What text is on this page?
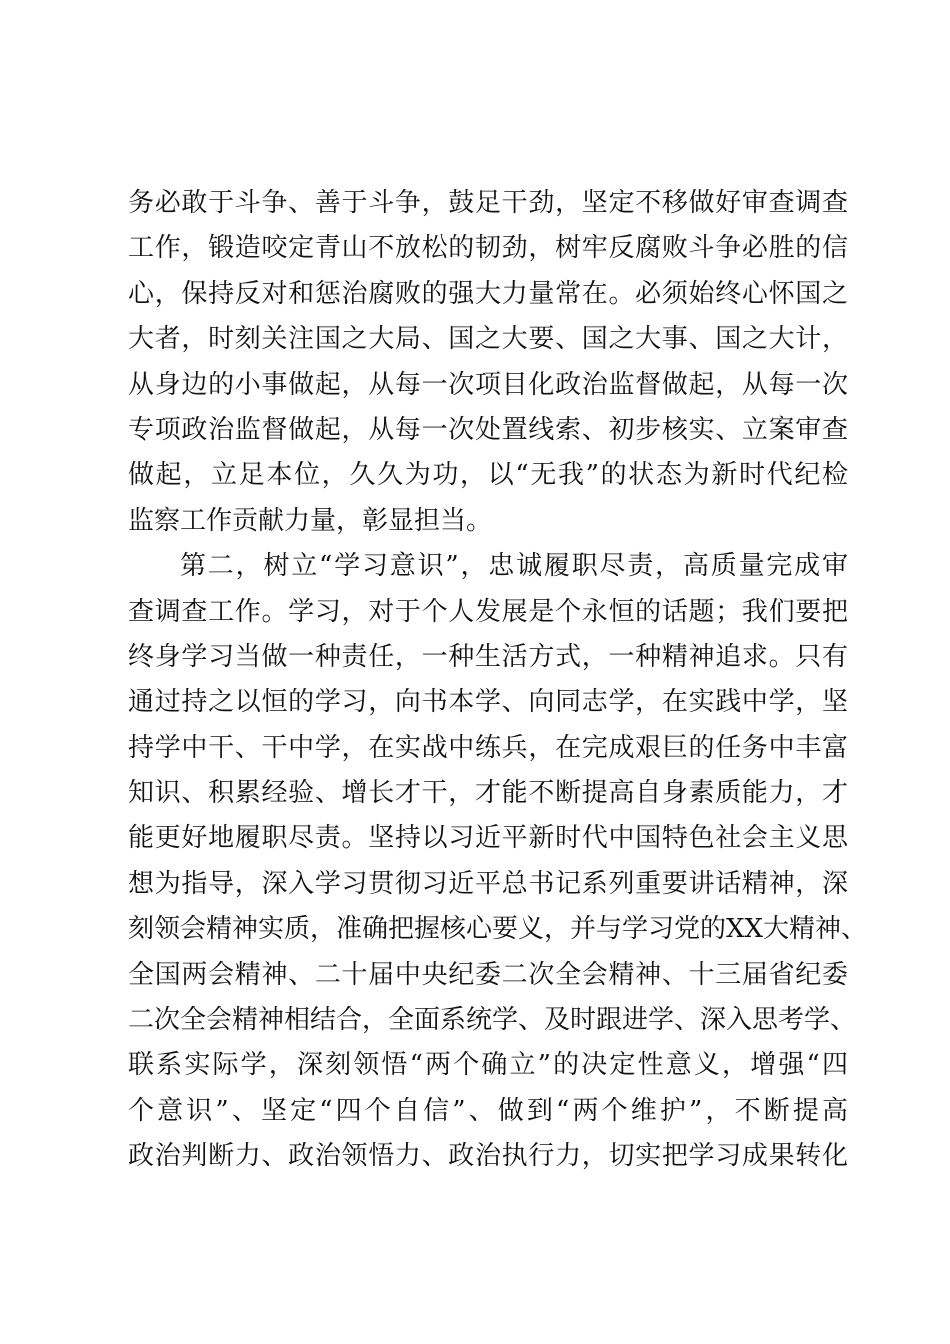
务必敢于斗争、善于斗争，鼓足干劲，坚定不移做好审查调查
工作，锻造咬定青山不放松的韧劲，树牢反腐败斗争必胜的信
心，保持反对和惩治腐败的强大力量常在。必须始终心怀国之
大者，时刻关注国之大局、国之大要、国之大事、国之大计，
从身边的小事做起，从每一次项目化政治监督做起，从每一次
专项政治监督做起，从每一次处置线索、初步核实、立案审查
做起，立足本位，久久为功，以“无我”的状态为新时代纪检
监察工作贡献力量，彰显担当。
第二，树立“学习意识”，忠诚履职尽责，高质量完成审
查调查工作。学习，对于个人发展是个永恒的话题；我们要把
终身学习当做一种责任，一种生活方式，一种精神追求。只有
通过持之以恒的学习，向书本学、向同志学，在实践中学，坚
持学中干、干中学，在实战中练兵，在完成艰巨的任务中丰富
知识、积累经验、增长才干，才能不断提高自身素质能力，才
能更好地履职尽责。坚持以习近平新时代中国特色社会主义思
想为指导，深入学习贯彻习近平总书记系列重要讲话精神，深
刻领会精神实质，准确把握核心要义，并与学习党的XX大精神、
全国两会精神、二十届中央纪委二次全会精神、十三届省纪委
二次全会精神相结合，全面系统学、及时跟进学、深入思考学、
联系实际学，深刻领悟“两个确立”的决定性意义，增强“四
个意识”、坚定“四个自信”、做到“两个维护”，不断提高
政治判断力、政治领悟力、政治执行力，切实把学习成果转化
